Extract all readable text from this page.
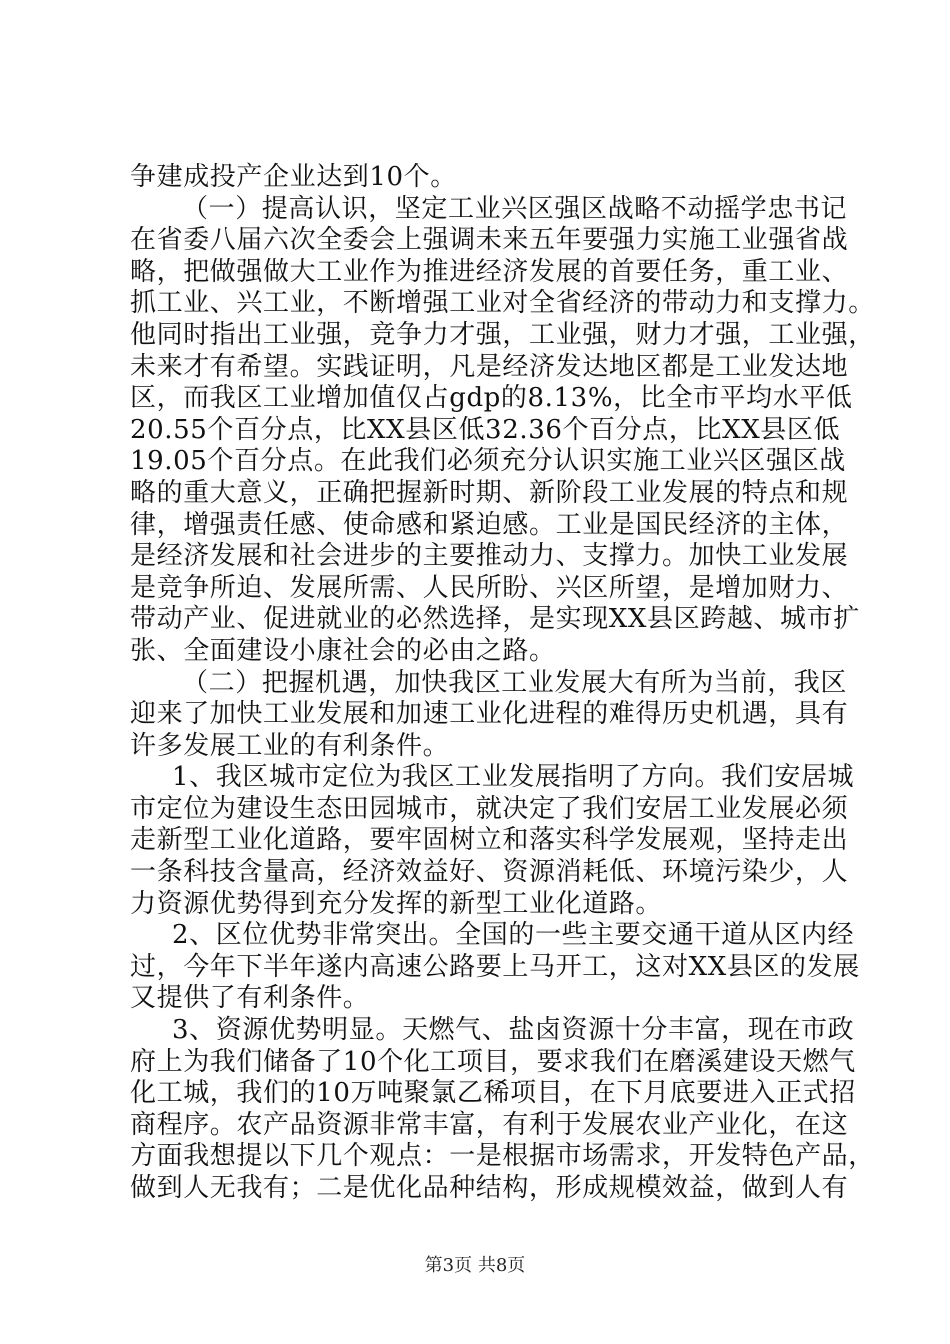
争建成投产企业达到10个。
（一）提高认识，坚定工业兴区强区战略不动摇学忠书记
在省委八届六次全委会上强调未来五年要强力实施工业强省战
略，把做强做大工业作为推进经济发展的首要任务，重工业、
抓工业、兴工业，不断增强工业对全省经济的带动力和支撑力。
他同时指出工业强，竞争力才强，工业强，财力才强，工业强，
未来才有希望。实践证明，凡是经济发达地区都是工业发达地
区，而我区工业增加值仅占gdp的8.13%，比全市平均水平低
20.55个百分点，比XX县区低32.36个百分点，比XX县区低
19.05个百分点。在此我们必须充分认识实施工业兴区强区战
略的重大意义，正确把握新时期、新阶段工业发展的特点和规
律，增强责任感、使命感和紧迫感。工业是国民经济的主体，
是经济发展和社会进步的主要推动力、支撑力。加快工业发展
是竞争所迫、发展所需、人民所盼、兴区所望，是增加财力、
带动产业、促进就业的必然选择，是实现XX县区跨越、城市扩
张、全面建设小康社会的必由之路。
（二）把握机遇，加快我区工业发展大有所为当前，我区
迎来了加快工业发展和加速工业化进程的难得历史机遇，具有
许多发展工业的有利条件。
1、我区城市定位为我区工业发展指明了方向。我们安居城
市定位为建设生态田园城市，就决定了我们安居工业发展必须
走新型工业化道路，要牢固树立和落实科学发展观，坚持走出
一条科技含量高，经济效益好、资源消耗低、环境污染少，人
力资源优势得到充分发挥的新型工业化道路。
2、区位优势非常突出。全国的一些主要交通干道从区内经
过，今年下半年遂内高速公路要上马开工，这对XX县区的发展
又提供了有利条件。
3、资源优势明显。天燃气、盐卤资源十分丰富，现在市政
府上为我们储备了10个化工项目，要求我们在磨溪建设天燃气
化工城，我们的10万吨聚氯乙稀项目，在下月底要进入正式招
商程序。农产品资源非常丰富，有利于发展农业产业化，在这
方面我想提以下几个观点：一是根据市场需求，开发特色产品，
做到人无我有；二是优化品种结构，形成规模效益，做到人有
第3页 共8页
